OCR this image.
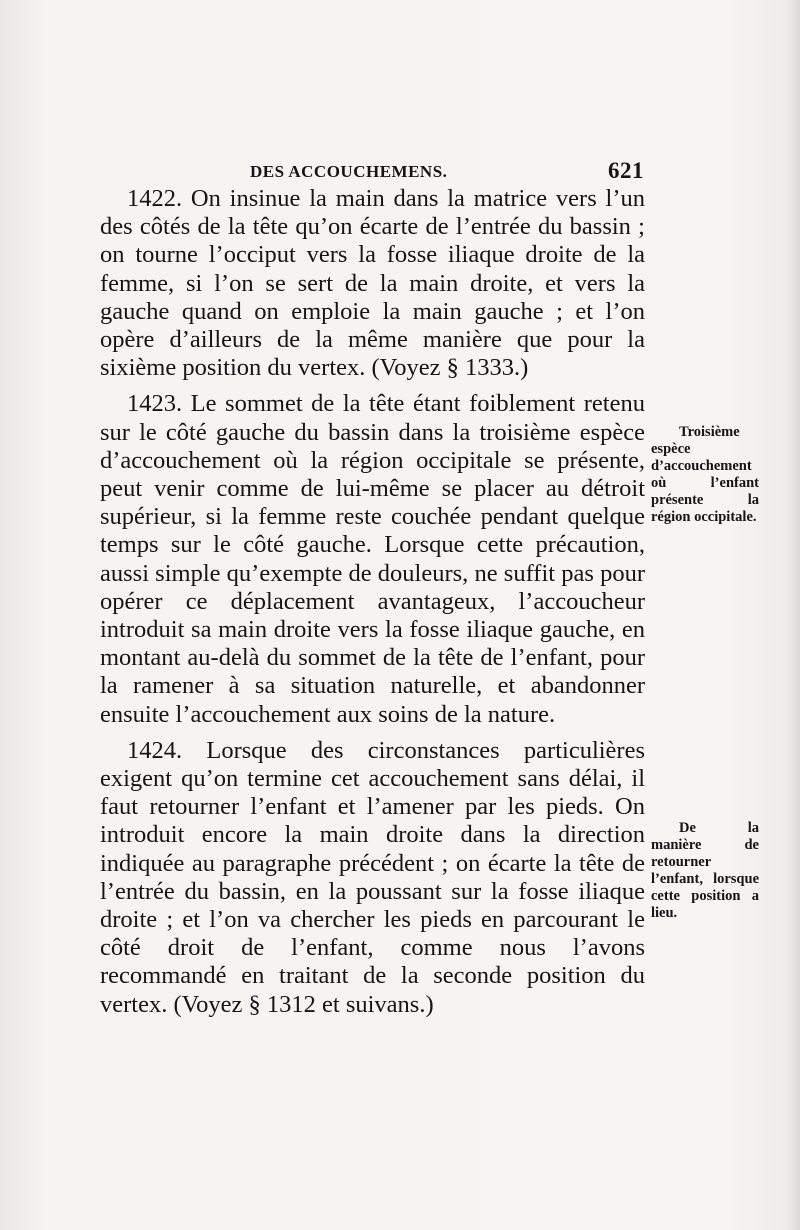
DES ACCOUCHEMENS.	621

1422. On insinue la main dans la matrice vers l’un des côtés de la tête qu’on écarte de l’entrée du bassin ; on tourne l’occiput vers la fosse iliaque droite de la femme, si l’on se sert de la main droite, et vers la gauche quand on emploie la main gauche ; et l’on opère d’ailleurs de la même manière que pour la sixième position du vertex. (Voyez § 1333.)

1423. Le sommet de la tête étant foiblement retenu sur le côté gauche du bassin dans la troisième espèce d’accouchement où la région occipitale se présente, peut venir comme de lui-même se placer au détroit supérieur, si la femme reste couchée pendant quelque temps sur le côté gauche. Lorsque cette précaution, aussi simple qu’exempte de douleurs, ne suffit pas pour opérer ce déplacement avantageux, l’accoucheur introduit sa main droite vers la fosse iliaque gauche, en montant au-delà du sommet de la tête de l’enfant, pour la ramener à sa situation naturelle, et abandonner ensuite l’accouchement aux soins de la nature.

1424. Lorsque des circonstances particulières exigent qu’on termine cet accouchement sans délai, il faut retourner l’enfant et l’amener par les pieds. On introduit encore la main droite dans la direction indiquée au paragraphe précédent ; on écarte la tête de l’entrée du bassin, en la poussant sur la fosse iliaque droite ; et l’on va chercher les pieds en parcourant le côté droit de l’enfant, comme nous l’avons recommandé en traitant de la seconde position du vertex. (Voyez § 1312 et suivans.)

Troisième espèce d’accouchement où l’enfant présente la région occipitale.
De la manière de retourner l’enfant, lorsque cette position a lieu.
